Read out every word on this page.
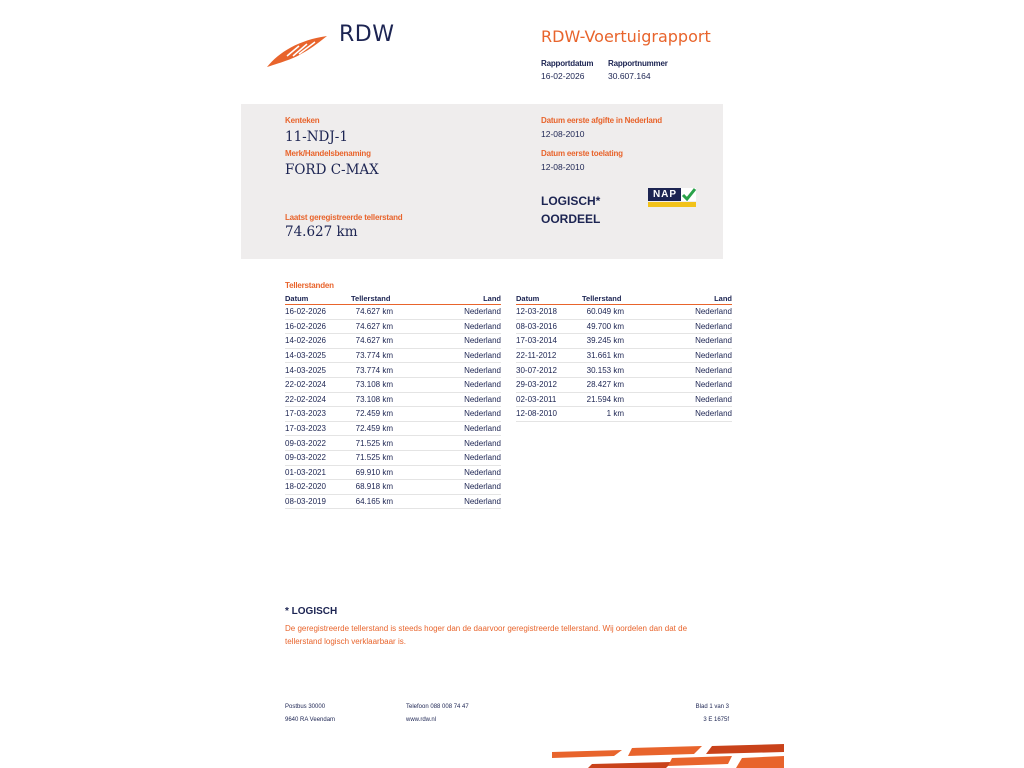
RDW	RDW-Voertuigrapport
Rapportdatum
16-02-2026
Rapportnummer
30.607.164
Kenteken
11-NDJ-1
Merk/Handelsbenaming
FORD C-MAX
Laatst geregistreerde tellerstand
74.627 km
Datum eerste afgifte in Nederland
12-08-2010
Datum eerste toelating
12-08-2010
LOGISCH*
OORDEEL
NAP
Tellerstanden
Datum	Tellerstand	Land
16-02-2026	74.627 km	Nederland
16-02-2026	74.627 km	Nederland
14-02-2026	74.627 km	Nederland
14-03-2025	73.774 km	Nederland
14-03-2025	73.774 km	Nederland
22-02-2024	73.108 km	Nederland
22-02-2024	73.108 km	Nederland
17-03-2023	72.459 km	Nederland
17-03-2023	72.459 km	Nederland
09-03-2022	71.525 km	Nederland
09-03-2022	71.525 km	Nederland
01-03-2021	69.910 km	Nederland
18-02-2020	68.918 km	Nederland
08-03-2019	64.165 km	Nederland
Datum	Tellerstand	Land
12-03-2018	60.049 km	Nederland
08-03-2016	49.700 km	Nederland
17-03-2014	39.245 km	Nederland
22-11-2012	31.661 km	Nederland
30-07-2012	30.153 km	Nederland
29-03-2012	28.427 km	Nederland
02-03-2011	21.594 km	Nederland
12-08-2010	1 km	Nederland
* LOGISCH
De geregistreerde tellerstand is steeds hoger dan de daarvoor geregistreerde tellerstand. Wij oordelen dan dat de tellerstand logisch verklaarbaar is.
Postbus 30000
9640 RA Veendam
Telefoon 088 008 74 47
www.rdw.nl
Blad 1 van 3
3 E 1675f
